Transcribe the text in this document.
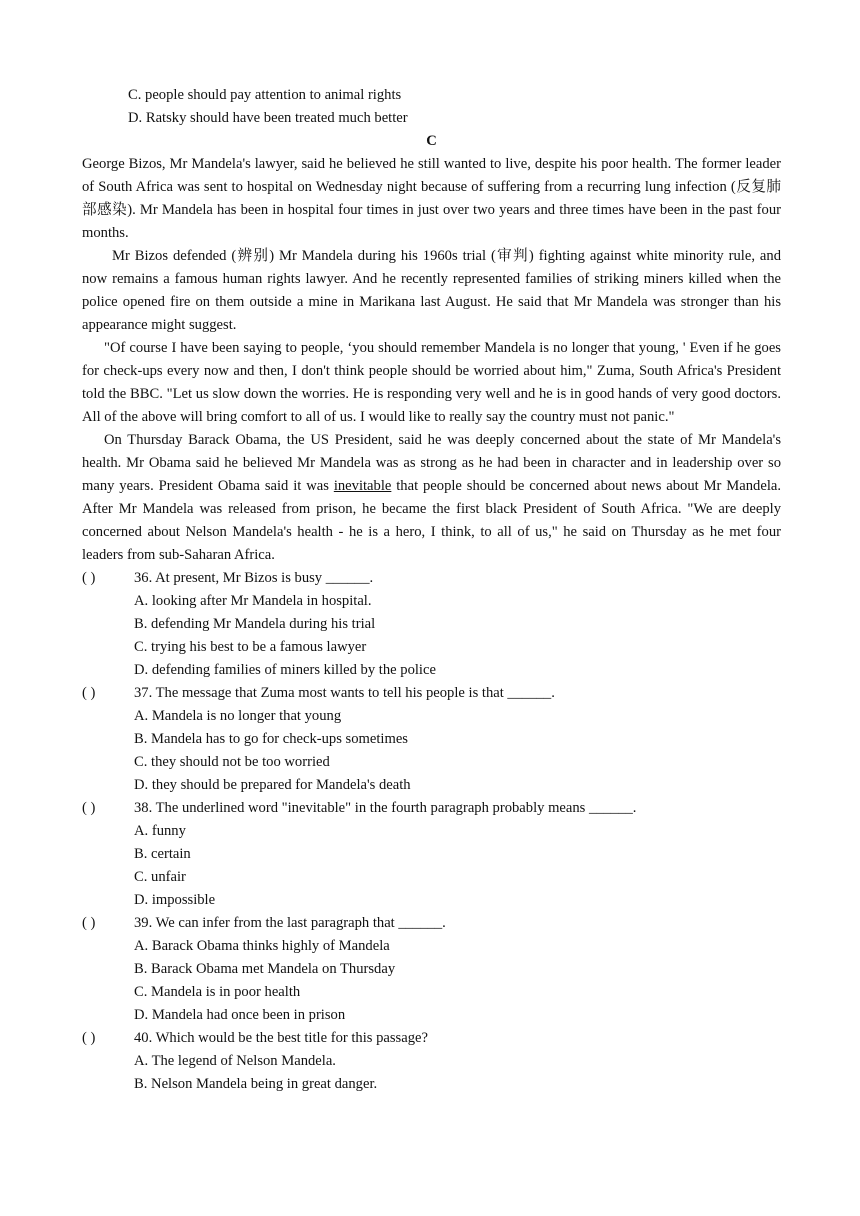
C. people should pay attention to animal rights
D. Ratsky should have been treated much better
C

George Bizos, Mr Mandela's lawyer, said he believed he still wanted to live, despite his poor health. The former leader of South Africa was sent to hospital on Wednesday night because of suffering from a recurring lung infection (反复肺部感染). Mr Mandela has been in hospital four times in just over two years and three times have been in the past four months.

Mr Bizos defended (辨别) Mr Mandela during his 1960s trial (审判) fighting against white minority rule, and now remains a famous human rights lawyer. And he recently represented families of striking miners killed when the police opened fire on them outside a mine in Marikana last August. He said that Mr Mandela was stronger than his appearance might suggest.

"Of course I have been saying to people, ‘you should remember Mandela is no longer that young, ' Even if he goes for check-ups every now and then, I don't think people should be worried about him," Zuma, South Africa's President told the BBC. "Let us slow down the worries. He is responding very well and he is in good hands of very good doctors. All of the above will bring comfort to all of us. I would like to really say the country must not panic."

On Thursday Barack Obama, the US President, said he was deeply concerned about the state of Mr Mandela's health. Mr Obama said he believed Mr Mandela was as strong as he had been in character and in leadership over so many years. President Obama said it was inevitable that people should be concerned about news about Mr Mandela. After Mr Mandela was released from prison, he became the first black President of South Africa. "We are deeply concerned about Nelson Mandela's health - he is a hero, I think, to all of us," he said on Thursday as he met four leaders from sub-Saharan Africa.

( )	36. At present, Mr Bizos is busy ______.
A. looking after Mr Mandela in hospital.
B. defending Mr Mandela during his trial
C. trying his best to be a famous lawyer
D. defending families of miners killed by the police
( )	37. The message that Zuma most wants to tell his people is that ______.
A. Mandela is no longer that young
B. Mandela has to go for check-ups sometimes
C. they should not be too worried
D. they should be prepared for Mandela's death
( )	38. The underlined word "inevitable" in the fourth paragraph probably means ______.
A. funny
B. certain
C. unfair
D. impossible
( )	39. We can infer from the last paragraph that ______.
A. Barack Obama thinks highly of Mandela
B. Barack Obama met Mandela on Thursday
C. Mandela is in poor health
D. Mandela had once been in prison
( )	40. Which would be the best title for this passage?
A. The legend of Nelson Mandela.
B. Nelson Mandela being in great danger.
